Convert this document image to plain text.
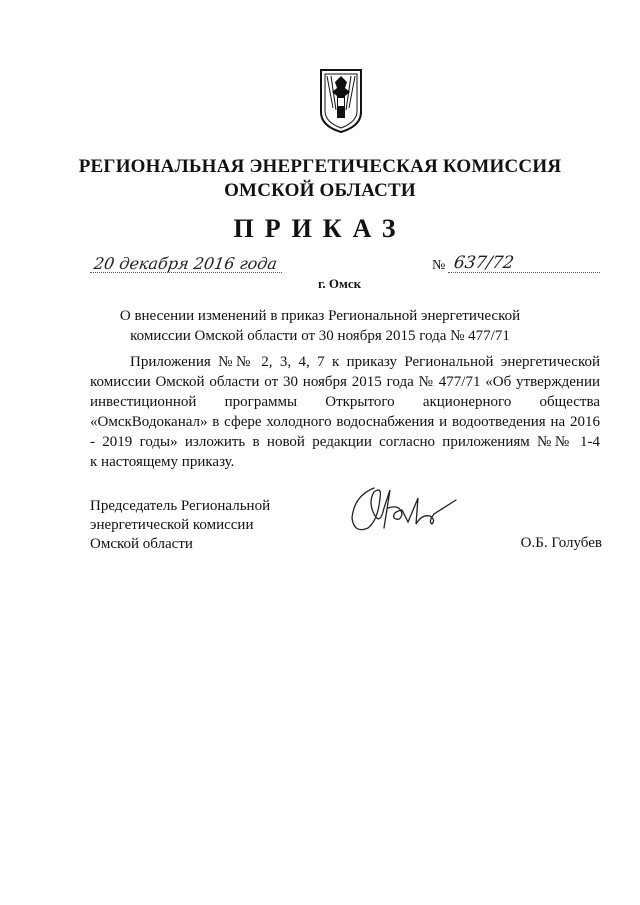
РЕГИОНАЛЬНАЯ ЭНЕРГЕТИЧЕСКАЯ КОМИССИЯ
ОМСКОЙ ОБЛАСТИ
ПРИКАЗ
20 декабря 2016 года
г. Омск
№ 637/72
О внесении изменений в приказ Региональной энергетической
комиссии Омской области от 30 ноября 2015 года № 477/71
Приложения №№ 2, 3, 4, 7 к приказу Региональной энергетической
комиссии Омской области от 30 ноября 2015 года № 477/71 «Об утверждении
инвестиционной программы Открытого акционерного общества
«ОмскВодоканал» в сфере холодного водоснабжения и водоотведения на 2016
- 2019 годы» изложить в новой редакции согласно приложениям №№ 1-4
к настоящему приказу.
Председатель Региональной
энергетической комиссии
Омской области	О.Б. Голубев
